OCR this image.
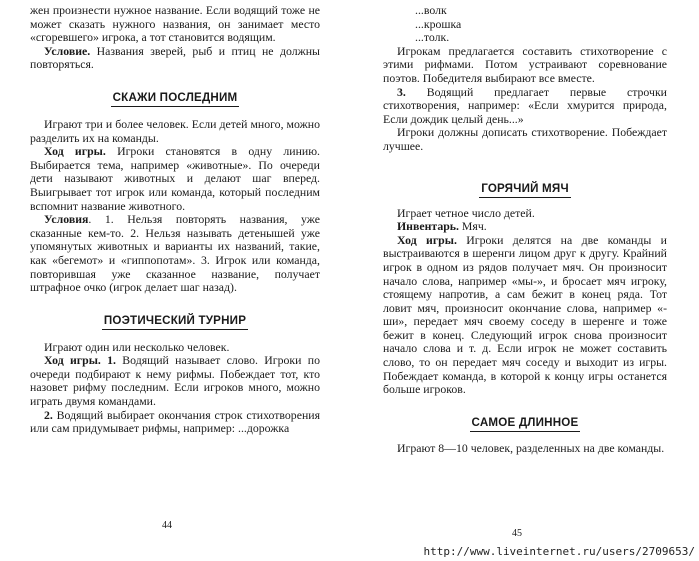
жен произнести нужное название. Если водящий тоже не может сказать нужного названия, он занимает место «сгоревшего» игрока, а тот становится водящим.

Условие. Названия зверей, рыб и птиц не должны повторяться.

СКАЖИ ПОСЛЕДНИМ

Играют три и более человек. Если детей много, можно разделить их на команды.

Ход игры. Игроки становятся в одну линию. Выбирается тема, например «животные». По очереди дети называют животных и делают шаг вперед. Выигрывает тот игрок или команда, который последним вспомнит название животного.

Условия. 1. Нельзя повторять названия, уже сказанные кем-то. 2. Нельзя называть детенышей уже упомянутых животных и варианты их названий, такие, как «бегемот» и «гиппопотам». 3. Игрок или команда, повторившая уже сказанное название, получает штрафное очко (игрок делает шаг назад).

ПОЭТИЧЕСКИЙ ТУРНИР

Играют один или несколько человек.

Ход игры. 1. Водящий называет слово. Игроки по очереди подбирают к нему рифмы. Побеждает тот, кто назовет рифму последним. Если игроков много, можно играть двумя командами.

2. Водящий выбирает окончания строк стихотворения или сам придумывает рифмы, например: ...дорожка

44

...волк

...крошка

...толк.

Игрокам предлагается составить стихотворение с этими рифмами. Потом устраивают соревнование поэтов. Победителя выбирают все вместе.

3. Водящий предлагает первые строчки стихотворения, например: «Если хмурится природа, Если дождик целый день...»

Игроки должны дописать стихотворение. Побеждает лучшее.

ГОРЯЧИЙ МЯЧ

Играет четное число детей.

Инвентарь. Мяч.

Ход игры. Игроки делятся на две команды и выстраиваются в шеренги лицом друг к другу. Крайний игрок в одном из рядов получает мяч. Он произносит начало слова, например «мы-», и бросает мяч игроку, стоящему напротив, а сам бежит в конец ряда. Тот ловит мяч, произносит окончание слова, например «-ши», передает мяч своему соседу в шеренге и тоже бежит в конец. Следующий игрок снова произносит начало слова и т. д. Если игрок не может составить слово, то он передает мяч соседу и выходит из игры. Побеждает команда, в которой к концу игры останется больше игроков.

САМОЕ ДЛИННОЕ

Играют 8—10 человек, разделенных на две команды.

45
http://www.liveinternet.ru/users/2709653/
